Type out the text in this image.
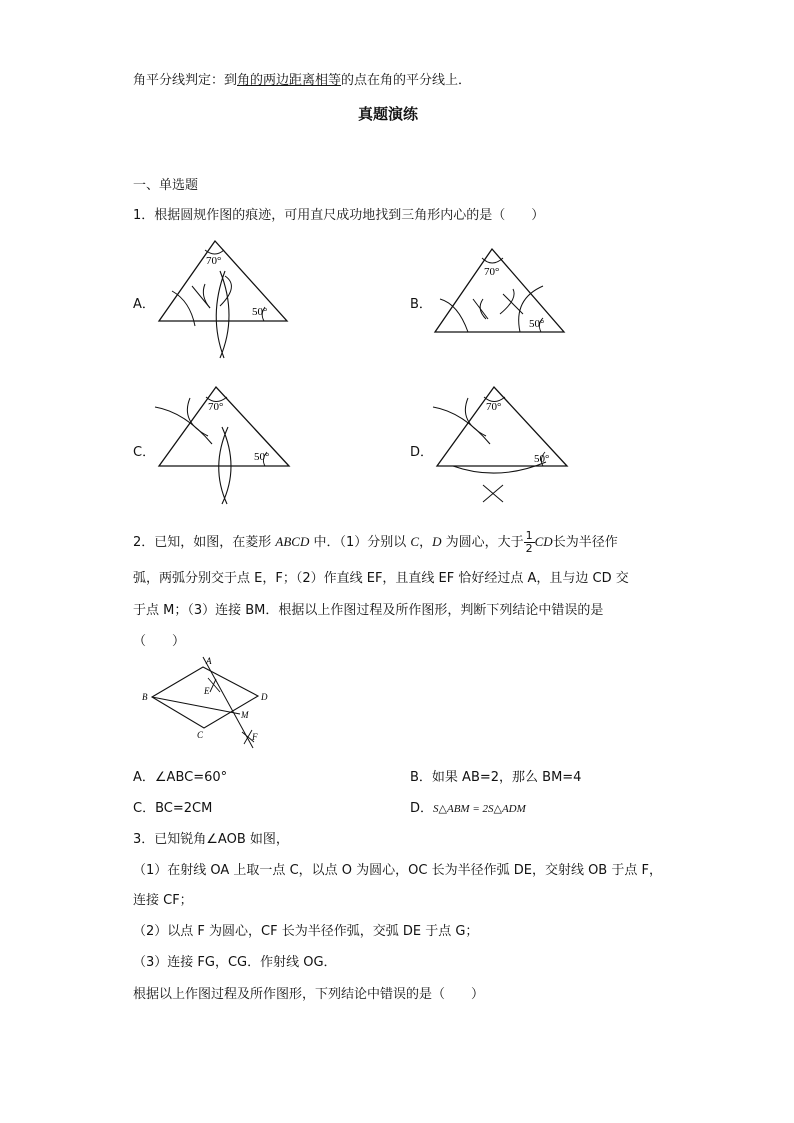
角平分线判定：到角的两边距离相等的点在角的平分线上．
真题演练
一、单选题
1．根据圆规作图的痕迹，可用直尺成功地找到三角形内心的是（　　）
A．	B．
C．	D．
70°
50°
70°
50°
70°
50°
70°
50°
2．已知，如图，在菱形 ABCD 中．（1）分别以 C，D 为圆心，大于 $\frac{1}{2}$ CD长为半径作
弧，两弧分别交于点 E，F；（2）作直线 EF，且直线 EF 恰好经过点 A，且与边 CD 交
于点 M；（3）连接 BM．根据以上作图过程及所作图形，判断下列结论中错误的是
（　　）
A
B
C
D
E
M
F
A．∠ABC=60°	B．如果 AB=2，那么 BM=4
C．BC=2CM	D．S△ABM = 2S△ADM
3．已知锐角∠AOB 如图，
（1）在射线 OA 上取一点 C，以点 O 为圆心，OC 长为半径作弧 DE，交射线 OB 于点 F，
连接 CF；
（2）以点 F 为圆心，CF 长为半径作弧，交弧 DE 于点 G；
（3）连接 FG，CG．作射线 OG．
根据以上作图过程及所作图形，下列结论中错误的是（　　）
